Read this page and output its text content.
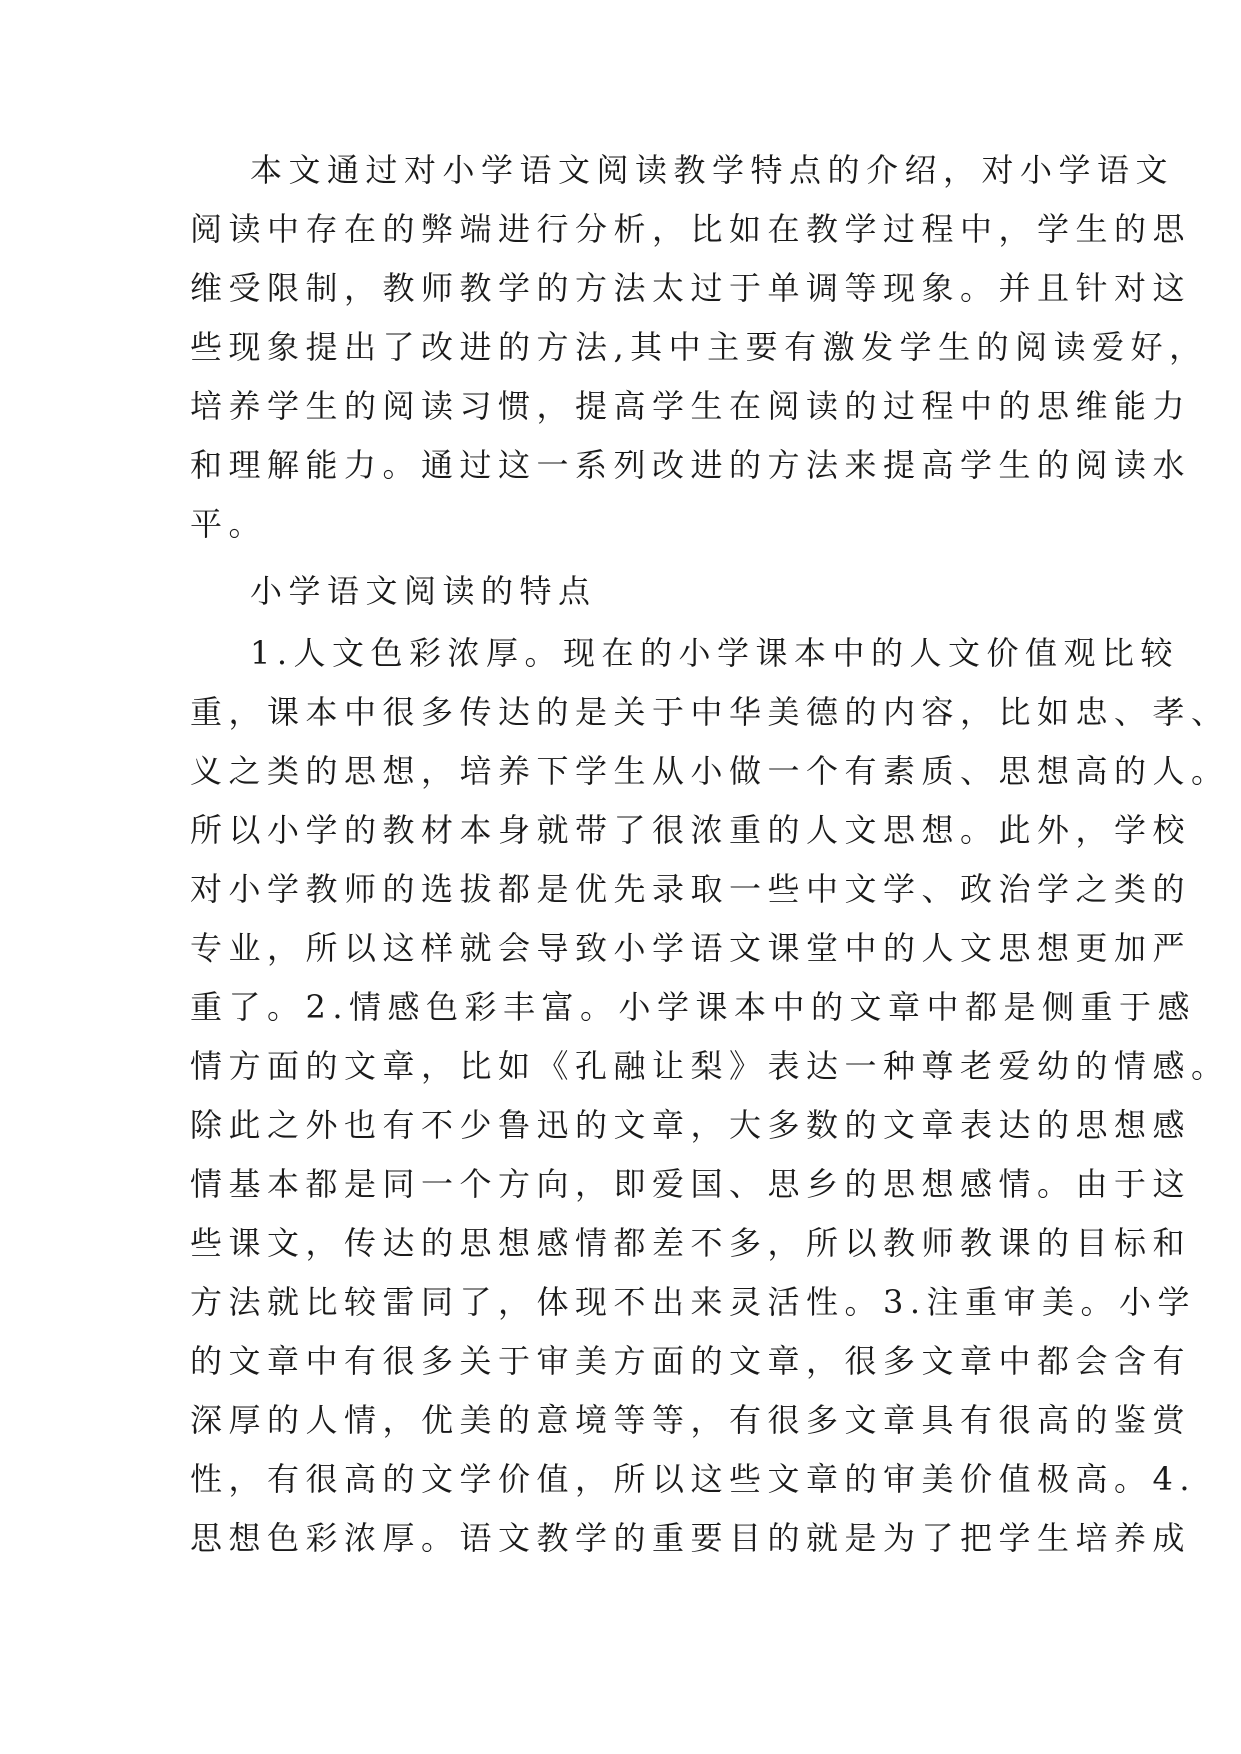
本文通过对小学语文阅读教学特点的介绍，对小学语文
阅读中存在的弊端进行分析，比如在教学过程中，学生的思
维受限制，教师教学的方法太过于单调等现象。并且针对这
些现象提出了改进的方法,其中主要有激发学生的阅读爱好，
培养学生的阅读习惯，提高学生在阅读的过程中的思维能力
和理解能力。通过这一系列改进的方法来提高学生的阅读水
平。
小学语文阅读的特点
1.人文色彩浓厚。现在的小学课本中的人文价值观比较
重，课本中很多传达的是关于中华美德的内容，比如忠、孝、
义之类的思想，培养下学生从小做一个有素质、思想高的人。
所以小学的教材本身就带了很浓重的人文思想。此外，学校
对小学教师的选拔都是优先录取一些中文学、政治学之类的
专业，所以这样就会导致小学语文课堂中的人文思想更加严
重了。2.情感色彩丰富。小学课本中的文章中都是侧重于感
情方面的文章，比如《孔融让梨》表达一种尊老爱幼的情感。
除此之外也有不少鲁迅的文章，大多数的文章表达的思想感
情基本都是同一个方向，即爱国、思乡的思想感情。由于这
些课文，传达的思想感情都差不多，所以教师教课的目标和
方法就比较雷同了，体现不出来灵活性。3.注重审美。小学
的文章中有很多关于审美方面的文章，很多文章中都会含有
深厚的人情，优美的意境等等，有很多文章具有很高的鉴赏
性，有很高的文学价值，所以这些文章的审美价值极高。4.
思想色彩浓厚。语文教学的重要目的就是为了把学生培养成
